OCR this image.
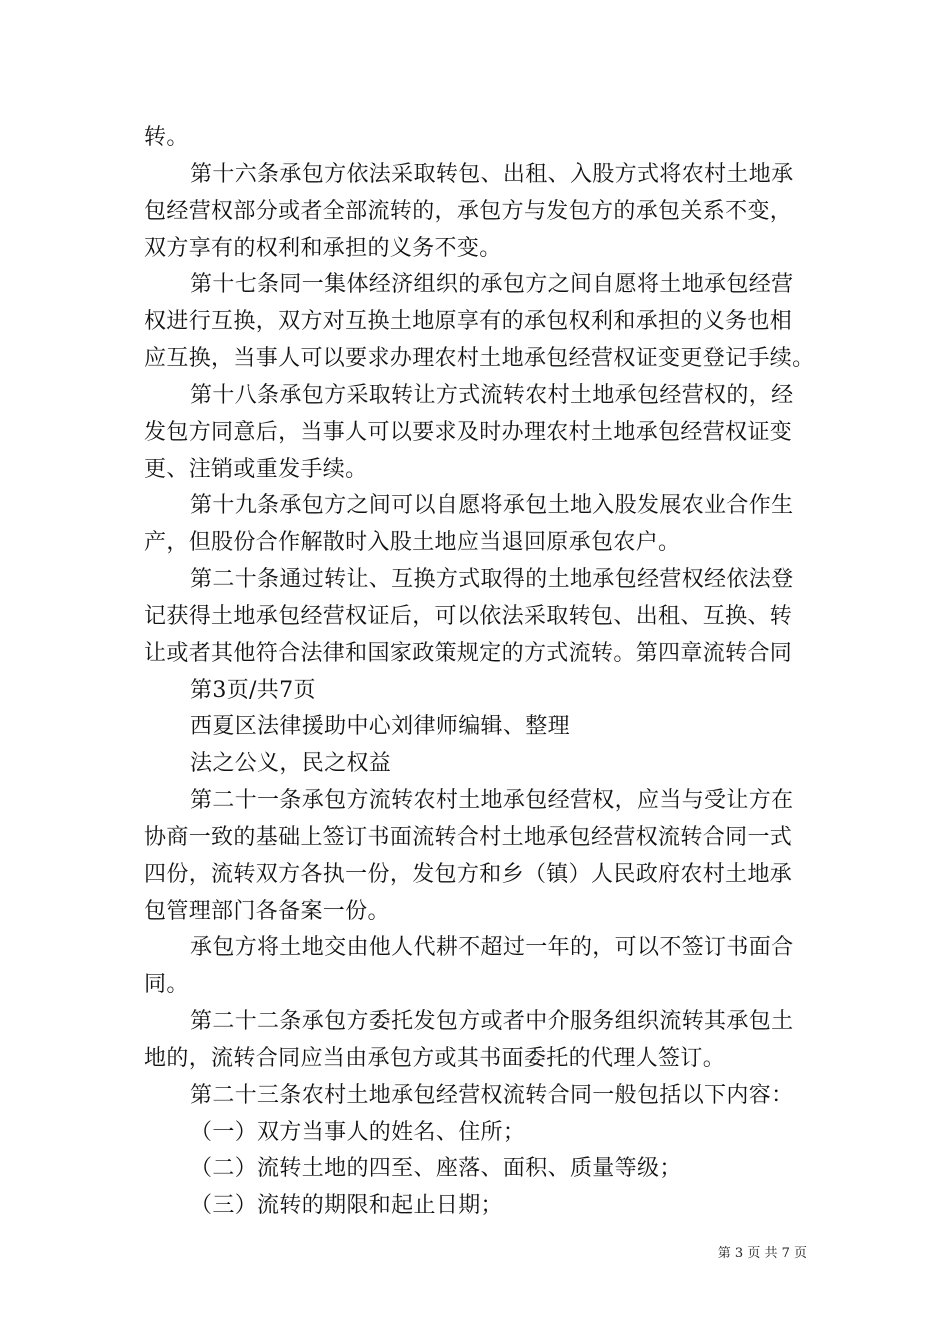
转。
第十六条承包方依法采取转包、出租、入股方式将农村土地承
包经营权部分或者全部流转的，承包方与发包方的承包关系不变，
双方享有的权利和承担的义务不变。
第十七条同一集体经济组织的承包方之间自愿将土地承包经营
权进行互换，双方对互换土地原享有的承包权利和承担的义务也相
应互换，当事人可以要求办理农村土地承包经营权证变更登记手续。
第十八条承包方采取转让方式流转农村土地承包经营权的，经
发包方同意后，当事人可以要求及时办理农村土地承包经营权证变
更、注销或重发手续。
第十九条承包方之间可以自愿将承包土地入股发展农业合作生
产，但股份合作解散时入股土地应当退回原承包农户。
第二十条通过转让、互换方式取得的土地承包经营权经依法登
记获得土地承包经营权证后，可以依法采取转包、出租、互换、转
让或者其他符合法律和国家政策规定的方式流转。第四章流转合同
第3页/共7页
西夏区法律援助中心刘律师编辑、整理
法之公义，民之权益
第二十一条承包方流转农村土地承包经营权，应当与受让方在
协商一致的基础上签订书面流转合村土地承包经营权流转合同一式
四份，流转双方各执一份，发包方和乡（镇）人民政府农村土地承
包管理部门各备案一份。
承包方将土地交由他人代耕不超过一年的，可以不签订书面合
同。
第二十二条承包方委托发包方或者中介服务组织流转其承包土
地的，流转合同应当由承包方或其书面委托的代理人签订。
第二十三条农村土地承包经营权流转合同一般包括以下内容：
（一）双方当事人的姓名、住所；
（二）流转土地的四至、座落、面积、质量等级；
（三）流转的期限和起止日期；
第 3 页 共 7 页
